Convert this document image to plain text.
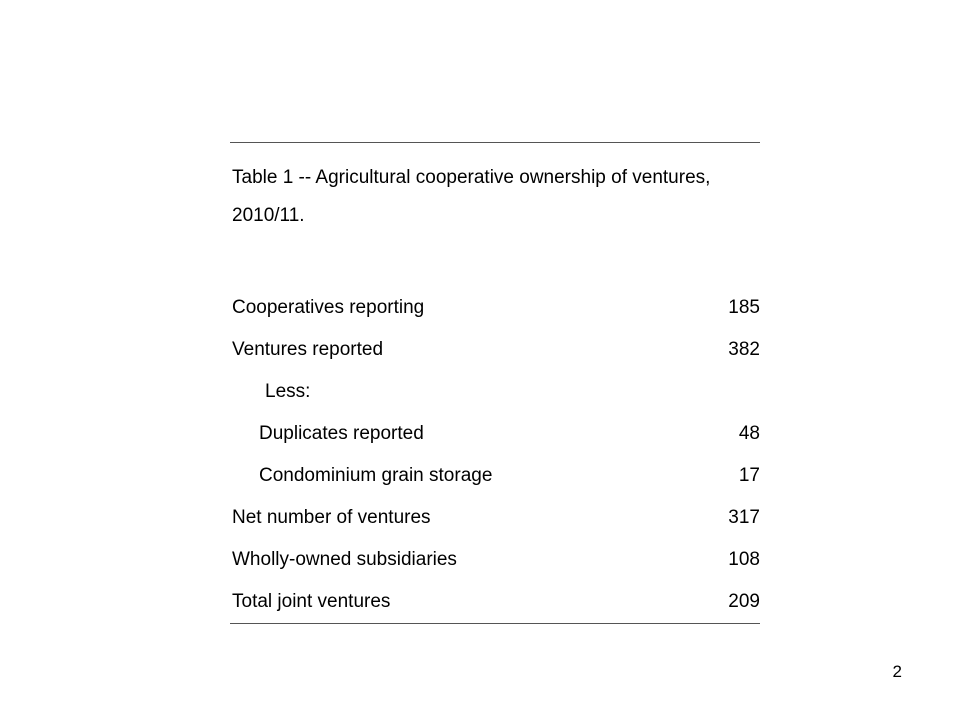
Table 1 -- Agricultural cooperative ownership of ventures, 2010/11.

Cooperatives reporting	185
Ventures reported	382
Less:
Duplicates reported	48
Condominium grain storage	17
Net number of ventures	317
Wholly-owned subsidiaries	108
Total joint ventures	209
2
